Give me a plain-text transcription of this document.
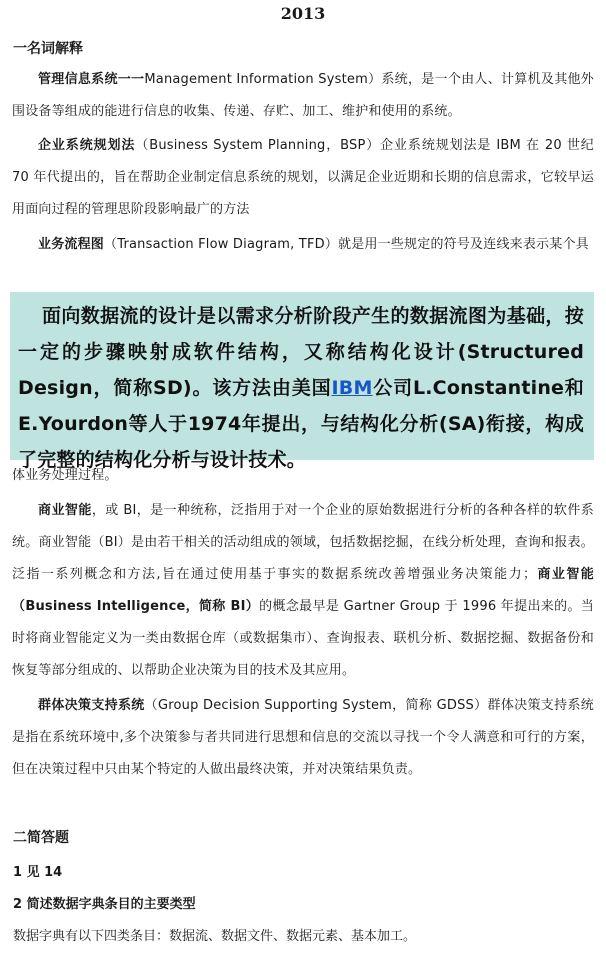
2013
一名词解释
管理信息系统一一Management Information System）系统，是一个由人、计算机及其他外围设备等组成的能进行信息的收集、传递、存贮、加工、维护和使用的系统。
企业系统规划法（Business System Planning，BSP）企业系统规划法是 IBM 在 20 世纪 70 年代提出的，旨在帮助企业制定信息系统的规划，以满足企业近期和长期的信息需求，它较早运用面向过程的管理思阶段影响最广的方法
业务流程图（Transaction Flow Diagram, TFD）就是用一些规定的符号及连线来表示某个具
面向数据流的设计是以需求分析阶段产生的数据流图为基础，按一定的步骤映射成软件结构，又称结构化设计(Structured Design，简称SD)。该方法由美国IBM公司L.Constantine和E.Yourdon等人于1974年提出，与结构化分析(SA)衔接，构成了完整的结构化分析与设计技术。
体业务处理过程。
商业智能，或 BI，是一种统称，泛指用于对一个企业的原始数据进行分析的各种各样的软件系统。商业智能（BI）是由若干相关的活动组成的领域，包括数据挖掘，在线分析处理，查询和报表。泛指一系列概念和方法,旨在通过使用基于事实的数据系统改善增强业务决策能力；商业智能（Business Intelligence，简称 BI）的概念最早是 Gartner Group 于 1996 年提出来的。当时将商业智能定义为一类由数据仓库（或数据集市）、查询报表、联机分析、数据挖掘、数据备份和恢复等部分组成的、以帮助企业决策为目的技术及其应用。
群体决策支持系统（Group Decision Supporting System，简称 GDSS）群体决策支持系统是指在系统环境中,多个决策参与者共同进行思想和信息的交流以寻找一个令人满意和可行的方案，但在决策过程中只由某个特定的人做出最终决策，并对决策结果负责。
二简答题
1 见 14
2 简述数据字典条目的主要类型
数据字典有以下四类条目：数据流、数据文件、数据元素、基本加工。
